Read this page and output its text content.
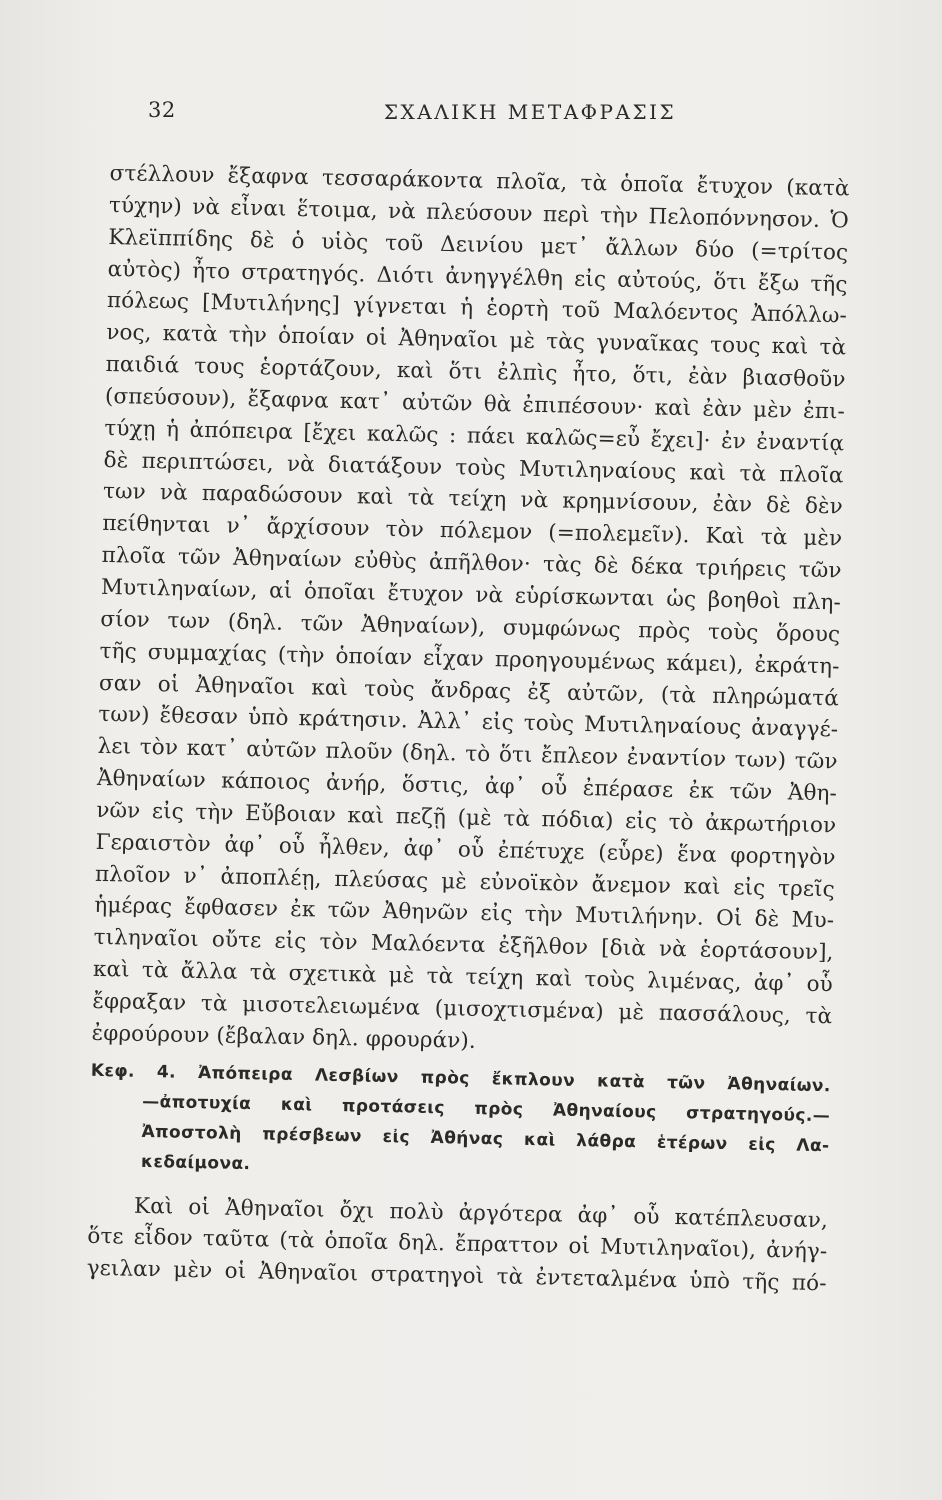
32	ΣΧΑΛΙΚΗ ΜΕΤΑΦΡΑΣΙΣ
στέλλουν ἔξαφνα τεσσαράκοντα πλοῖα, τὰ ὁποῖα ἔτυχον (κατὰ
τύχην) νὰ εἶναι ἕτοιμα, νὰ πλεύσουν περὶ τὴν Πελοπόννησον. Ὁ
Κλεϊππίδης δὲ ὁ υἱὸς τοῦ Δεινίου μετ᾽ ἄλλων δύο (=τρίτος
αὐτὸς) ἦτο στρατηγός. Διότι ἀνηγγέλθη εἰς αὐτούς, ὅτι ἔξω τῆς
πόλεως [Μυτιλήνης] γίγνεται ἡ ἑορτὴ τοῦ Μαλόεντος Ἀπόλλω-
νος, κατὰ τὴν ὁποίαν οἱ Ἀθηναῖοι μὲ τὰς γυναῖκας τους καὶ τὰ
παιδιά τους ἑορτάζουν, καὶ ὅτι ἐλπὶς ἦτο, ὅτι, ἐὰν βιασθοῦν
(σπεύσουν), ἔξαφνα κατ᾽ αὐτῶν θὰ ἐπιπέσουν· καὶ ἐὰν μὲν ἐπι-
τύχῃ ἡ ἀπόπειρα [ἔχει καλῶς : πάει καλῶς=εὖ ἔχει]· ἐν ἐναντίᾳ
δὲ περιπτώσει, νὰ διατάξουν τοὺς Μυτιληναίους καὶ τὰ πλοῖα
των νὰ παραδώσουν καὶ τὰ τείχη νὰ κρημνίσουν, ἐὰν δὲ δὲν
πείθηνται ν᾽ ἄρχίσουν τὸν πόλεμον (=πολεμεῖν). Καὶ τὰ μὲν
πλοῖα τῶν Ἀθηναίων εὐθὺς ἀπῆλθον· τὰς δὲ δέκα τριήρεις τῶν
Μυτιληναίων, αἱ ὁποῖαι ἔτυχον νὰ εὑρίσκωνται ὡς βοηθοὶ πλη-
σίον των (δηλ. τῶν Ἀθηναίων), συμφώνως πρὸς τοὺς ὅρους
τῆς συμμαχίας (τὴν ὁποίαν εἶχαν προηγουμένως κάμει), ἐκράτη-
σαν οἱ Ἀθηναῖοι καὶ τοὺς ἄνδρας ἐξ αὐτῶν, (τὰ πληρώματά
των) ἔθεσαν ὑπὸ κράτησιν. Ἀλλ᾽ εἰς τοὺς Μυτιληναίους ἀναγγέ-
λει τὸν κατ᾽ αὐτῶν πλοῦν (δηλ. τὸ ὅτι ἔπλεον ἐναντίον των) τῶν
Ἀθηναίων κάποιος ἀνήρ, ὅστις, ἀφ᾽ οὗ ἐπέρασε ἐκ τῶν Ἀθη-
νῶν εἰς τὴν Εὔβοιαν καὶ πεζῇ (μὲ τὰ πόδια) εἰς τὸ ἀκρωτήριον
Γεραιστὸν ἀφ᾽ οὗ ἦλθεν, ἀφ᾽ οὗ ἐπέτυχε (εὗρε) ἕνα φορτηγὸν
πλοῖον ν᾽ ἀποπλέῃ, πλεύσας μὲ εὐνοϊκὸν ἄνεμον καὶ εἰς τρεῖς
ἡμέρας ἔφθασεν ἐκ τῶν Ἀθηνῶν εἰς τὴν Μυτιλήνην. Οἱ δὲ Μυ-
τιληναῖοι οὔτε εἰς τὸν Μαλόεντα ἐξῆλθον [διὰ νὰ ἑορτάσουν],
καὶ τὰ ἄλλα τὰ σχετικὰ μὲ τὰ τείχη καὶ τοὺς λιμένας, ἀφ᾽ οὗ
ἔφραξαν τὰ μισοτελειωμένα (μισοχτισμένα) μὲ πασσάλους, τὰ
ἐφρούρουν (ἔβαλαν δηλ. φρουράν).
Κεφ. 4. Ἀπόπειρα Λεσβίων πρὸς ἔκπλουν κατὰ τῶν Ἀθηναίων.
—ἀποτυχία καὶ προτάσεις πρὸς Ἀθηναίους στρατηγούς.—
Ἀποστολὴ πρέσβεων εἰς Ἀθήνας καὶ λάθρα ἑτέρων εἰς Λα-
κεδαίμονα.
Καὶ οἱ Ἀθηναῖοι ὄχι πολὺ ἀργότερα ἀφ᾽ οὗ κατέπλευσαν,
ὅτε εἶδον ταῦτα (τὰ ὁποῖα δηλ. ἔπραττον οἱ Μυτιληναῖοι), ἀνήγ-
γειλαν μὲν οἱ Ἀθηναῖοι στρατηγοὶ τὰ ἐντεταλμένα ὑπὸ τῆς πό-
